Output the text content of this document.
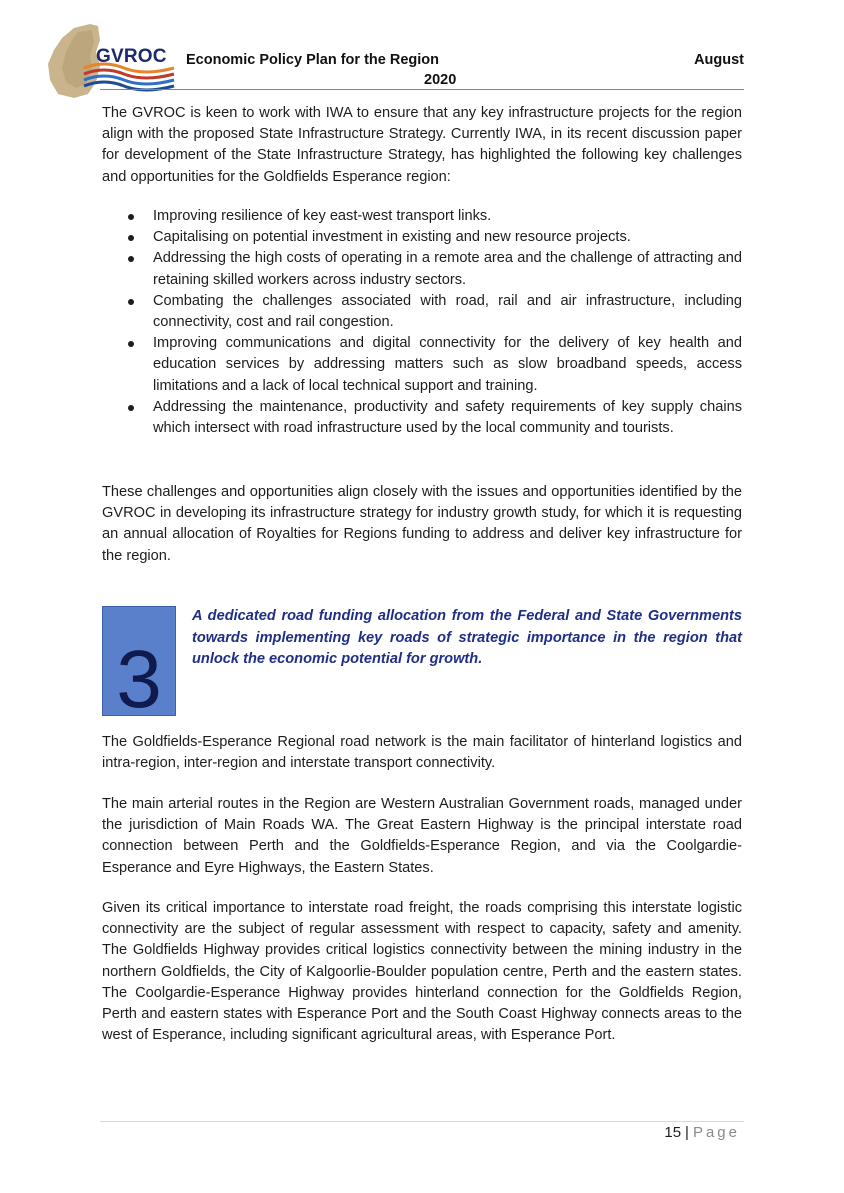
GVROC Economic Policy Plan for the Region	August
2020

The GVROC is keen to work with IWA to ensure that any key infrastructure projects for the region align with the proposed State Infrastructure Strategy. Currently IWA, in its recent discussion paper for development of the State Infrastructure Strategy, has highlighted the following key challenges and opportunities for the Goldfields Esperance region:

Improving resilience of key east-west transport links.
Capitalising on potential investment in existing and new resource projects.
Addressing the high costs of operating in a remote area and the challenge of attracting and retaining skilled workers across industry sectors.
Combating the challenges associated with road, rail and air infrastructure, including connectivity, cost and rail congestion.
Improving communications and digital connectivity for the delivery of key health and education services by addressing matters such as slow broadband speeds, access limitations and a lack of local technical support and training.
Addressing the maintenance, productivity and safety requirements of key supply chains which intersect with road infrastructure used by the local community and tourists.

These challenges and opportunities align closely with the issues and opportunities identified by the GVROC in developing its infrastructure strategy for industry growth study, for which it is requesting an annual allocation of Royalties for Regions funding to address and deliver key infrastructure for the region.

3

A dedicated road funding allocation from the Federal and State Governments towards implementing key roads of strategic importance in the region that unlock the economic potential for growth.

The Goldfields-Esperance Regional road network is the main facilitator of hinterland logistics and intra-region, inter-region and interstate transport connectivity.

The main arterial routes in the Region are Western Australian Government roads, managed under the jurisdiction of Main Roads WA. The Great Eastern Highway is the principal interstate road connection between Perth and the Goldfields-Esperance Region, and via the Coolgardie-Esperance and Eyre Highways, the Eastern States.

Given its critical importance to interstate road freight, the roads comprising this interstate logistic connectivity are the subject of regular assessment with respect to capacity, safety and amenity. The Goldfields Highway provides critical logistics connectivity between the mining industry in the northern Goldfields, the City of Kalgoorlie-Boulder population centre, Perth and the eastern states. The Coolgardie-Esperance Highway provides hinterland connection for the Goldfields Region, Perth and eastern states with Esperance Port and the South Coast Highway connects areas to the west of Esperance, including significant agricultural areas, with Esperance Port.

15 | Page
